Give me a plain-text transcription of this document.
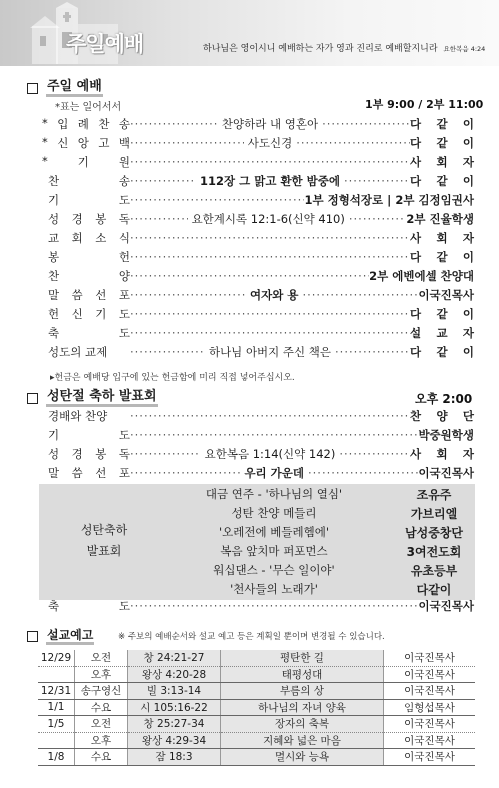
주일예배	하나님은 영이시니 예배하는 자가 영과 진리로 예배할지니라 요한복음 4:24
주일 예배
*표는 일어서서	1부 9:00 / 2부 11:00
* 입 례 찬 송 ·····	찬양하라 내 영혼아 ·····	다 같 이
* 신 앙 고 백 ·····	사도신경 ·····	다 같 이
*	기	원 ·····	사 회 자
찬	송 ·····	112장 그 맑고 환한 밤중에 ·····	다 같 이
기	도 ·····	1부 정형석장로 | 2부 김정임권사
성 경 봉 독 ·····	요한계시록 12:1-6(신약 410) ·····	2부 진율학생
교 회 소 식 ·····	사 회 자
봉	헌 ·····	다 같 이
찬	양 ·····	2부 에벤에셀 찬양대
말 씀 선 포 ·····	여자와 용 ·····	이국진목사
헌 신 기 도 ·····	다 같 이
축	도 ·····	설 교 자
성도의 교제 ·····	하나님 아버지 주신 책은 ·····	다 같 이
▸헌금은 예배당 입구에 있는 헌금함에 미리 직접 넣어주십시오.
성탄절 축하 발표회	오후 2:00
경배와 찬양 ·····	찬 양 단
기	도 ·····	박중원학생
성 경 봉 독 ·····	요한복음 1:14(신약 142) ·····	사 회 자
말 씀 선 포 ·····	우리 가운데 ·····	이국진목사
성탄축하
발표회
대금 연주 - '하나님의 열심'	조유주
성탄 찬양 메들리	가브리엘
'오레전에 베들레헴에'	남성중창단
복음 앞치마 퍼포먼스	3여전도회
워십댄스 - '무슨 일이야'	유초등부
'천사들의 노래가'	다같이
축	도 ·····	이국진목사
설교예고	※ 주보의 예배순서와 설교 예고 등은 계획일 뿐이며 변경될 수 있습니다.
12/29	오전	창 24:21-27	평탄한 길	이국진목사
	오후	왕상 4:20-28	태평성대	이국진목사
12/31	송구영신	빌 3:13-14	부름의 상	이국진목사
1/1	수요	시 105:16-22	하나님의 자녀 양육	임형섭목사
1/5	오전	창 25:27-34	장자의 축복	이국진목사
	오후	왕상 4:29-34	지혜와 넓은 마음	이국진목사
1/8	수요	잠 18:3	멸시와 능욕	이국진목사
